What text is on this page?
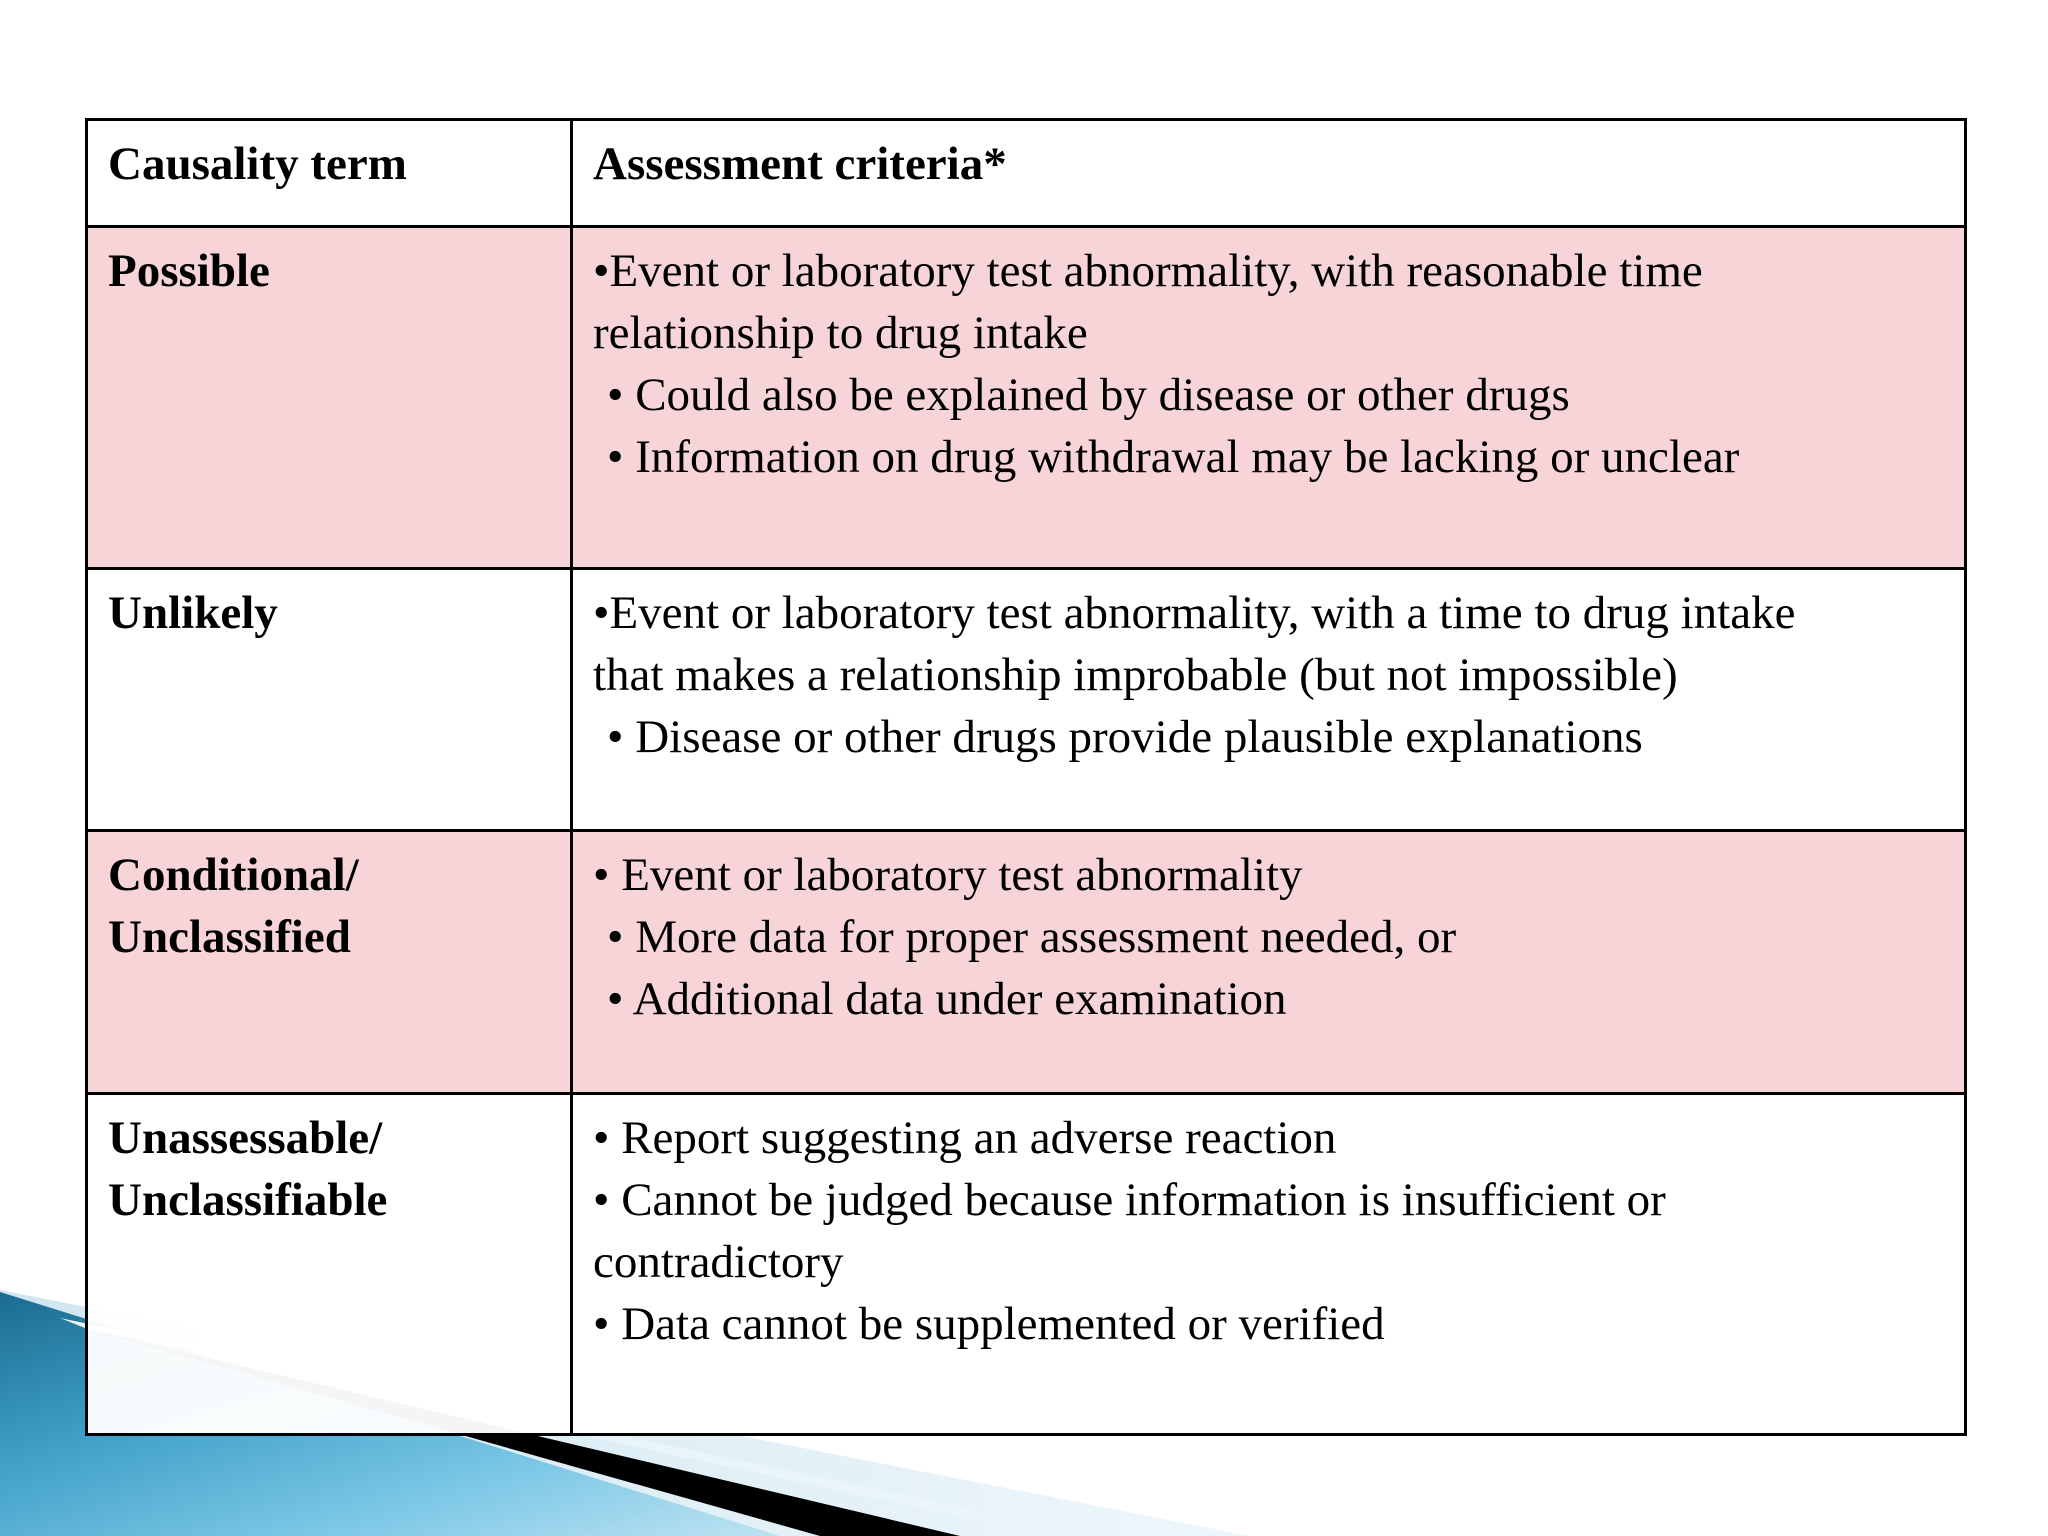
Causality term	Assessment criteria*

Possible	•Event or laboratory test abnormality, with reasonable time
relationship to drug intake
• Could also be explained by disease or other drugs
• Information on drug withdrawal may be lacking or unclear

Unlikely	•Event or laboratory test abnormality, with a time to drug intake
that makes a relationship improbable (but not impossible)
• Disease or other drugs provide plausible explanations

Conditional/
Unclassified	• Event or laboratory test abnormality
• More data for proper assessment needed, or
• Additional data under examination

Unassessable/
Unclassifiable	• Report suggesting an adverse reaction
• Cannot be judged because information is insufficient or
contradictory
• Data cannot be supplemented or verified
